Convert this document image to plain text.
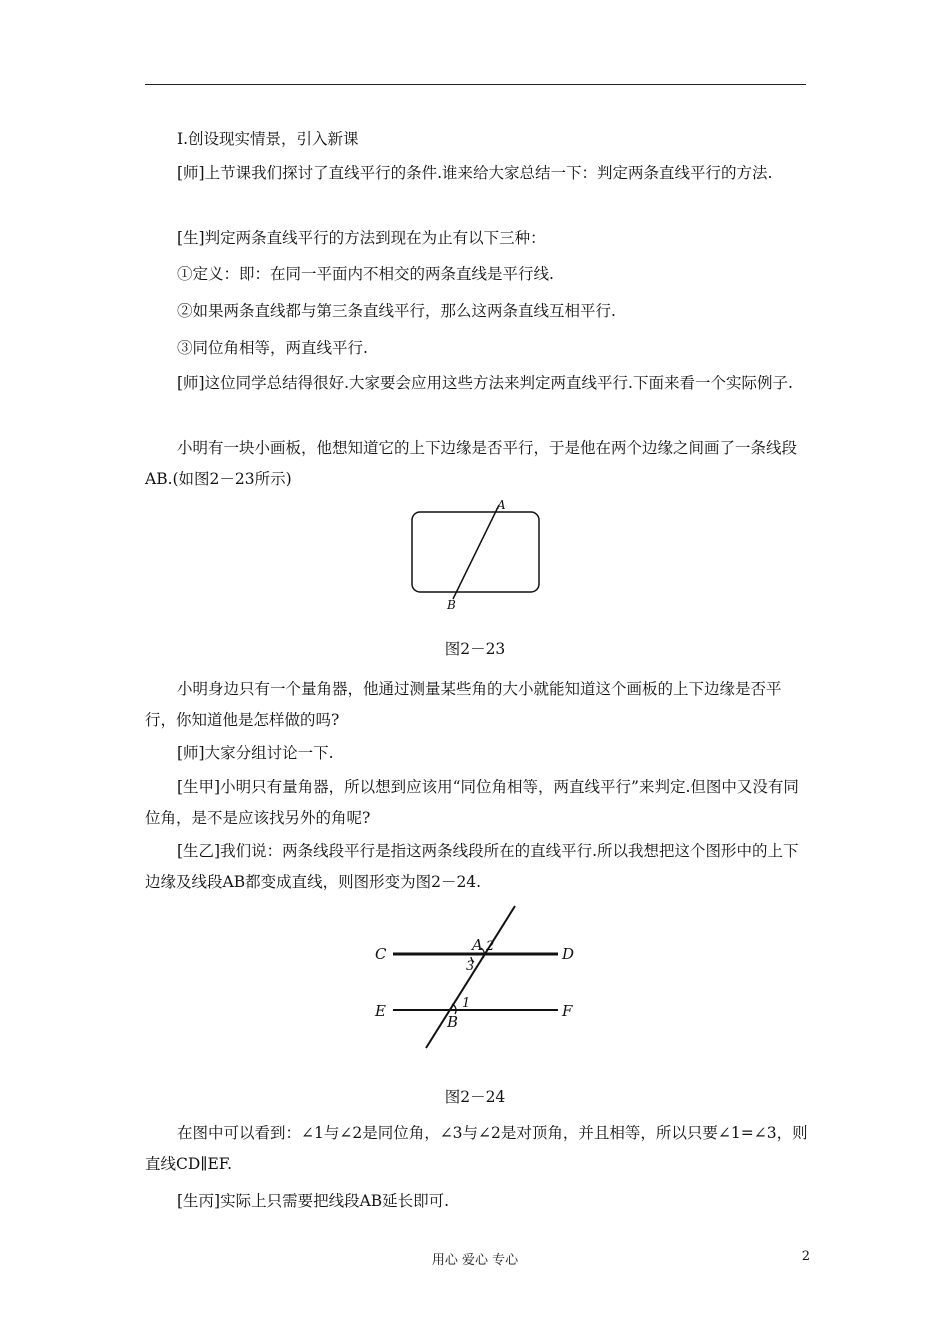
Ⅰ.创设现实情景，引入新课
[师]上节课我们探讨了直线平行的条件.谁来给大家总结一下：判定两条直线平行的方法.
[生]判定两条直线平行的方法到现在为止有以下三种：
①定义：即：在同一平面内不相交的两条直线是平行线.
②如果两条直线都与第三条直线平行，那么这两条直线互相平行.
③同位角相等，两直线平行.
[师]这位同学总结得很好.大家要会应用这些方法来判定两直线平行.下面来看一个实际例子.
小明有一块小画板，他想知道它的上下边缘是否平行，于是他在两个边缘之间画了一条线段AB.(如图2－23所示)
A
B
图2－23
小明身边只有一个量角器，他通过测量某些角的大小就能知道这个画板的上下边缘是否平行，你知道他是怎样做的吗?
[师]大家分组讨论一下.
[生甲]小明只有量角器，所以想到应该用“同位角相等，两直线平行”来判定.但图中又没有同位角，是不是应该找另外的角呢?
[生乙]我们说：两条线段平行是指这两条线段所在的直线平行.所以我想把这个图形中的上下边缘及线段AB都变成直线，则图形变为图2－24.
C	D
E	F
A 2
3
1
B
图2－24
在图中可以看到：∠1与∠2是同位角，∠3与∠2是对顶角，并且相等，所以只要∠1=∠3，则直线CD∥EF.
[生丙]实际上只需要把线段AB延长即可.
用心 爱心 专心	2
